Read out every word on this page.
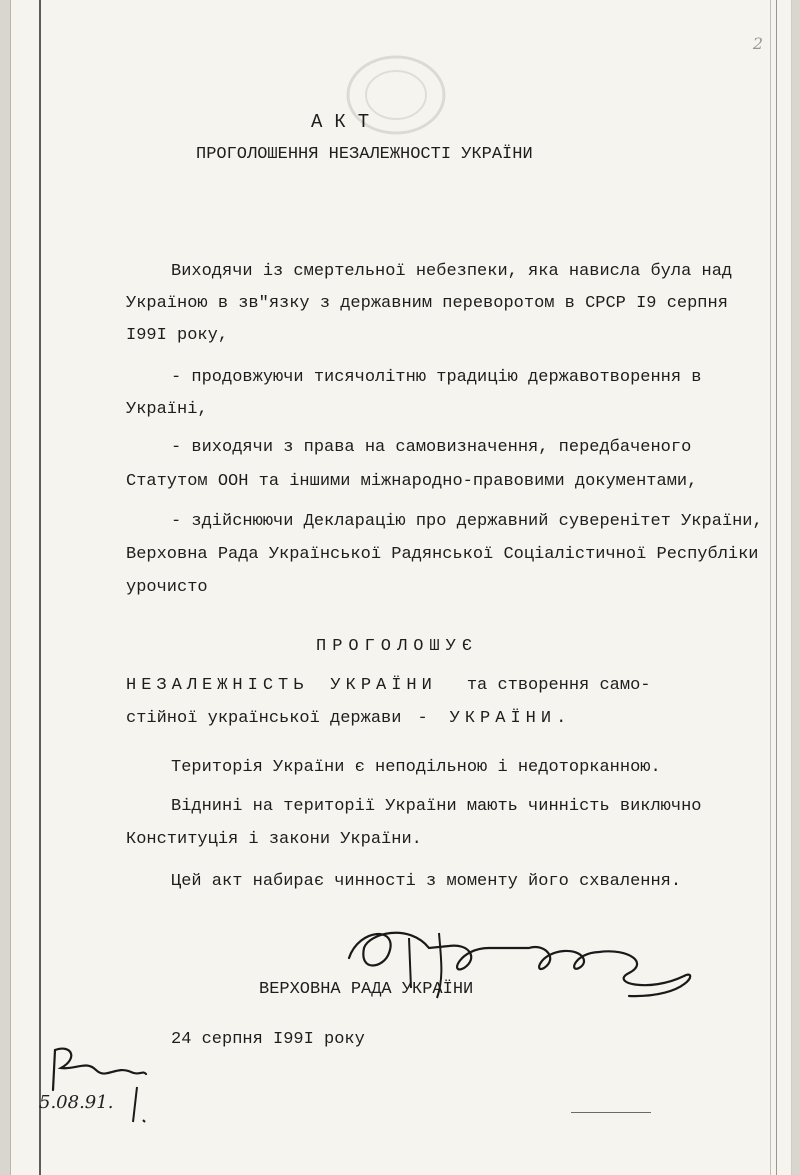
2
АКТ
ПРОГОЛОШЕННЯ НЕЗАЛЕЖНОСТІ УКРАЇНИ
Виходячи із смертельної небезпеки, яка нависла була над
Україною в зв"язку з державним переворотом в СРСР I9 серпня
I99I року,
- продовжуючи тисячолітню традицію державотворення в
Україні,
- виходячи з права на самовизначення, передбаченого
Статутом ООН та іншими міжнародно-правовими документами,
- здійснюючи Декларацію про державний суверенітет України,
Верховна Рада Української Радянської Соціалістичної Республіки
урочисто
ПРОГОЛОШУЄ
НЕЗАЛЕЖНІСТЬ УКРАЇНИ та створення само-
стійної української держави - УКРАЇНИ.
Територія України є неподільною і недоторканною.
Віднині на території України мають чинність виключно
Конституція і закони України.
Цей акт набирає чинності з моменту його схвалення.
ВЕРХОВНА РАДА УКРАЇНИ
24 серпня I99I року
5.08.91.
